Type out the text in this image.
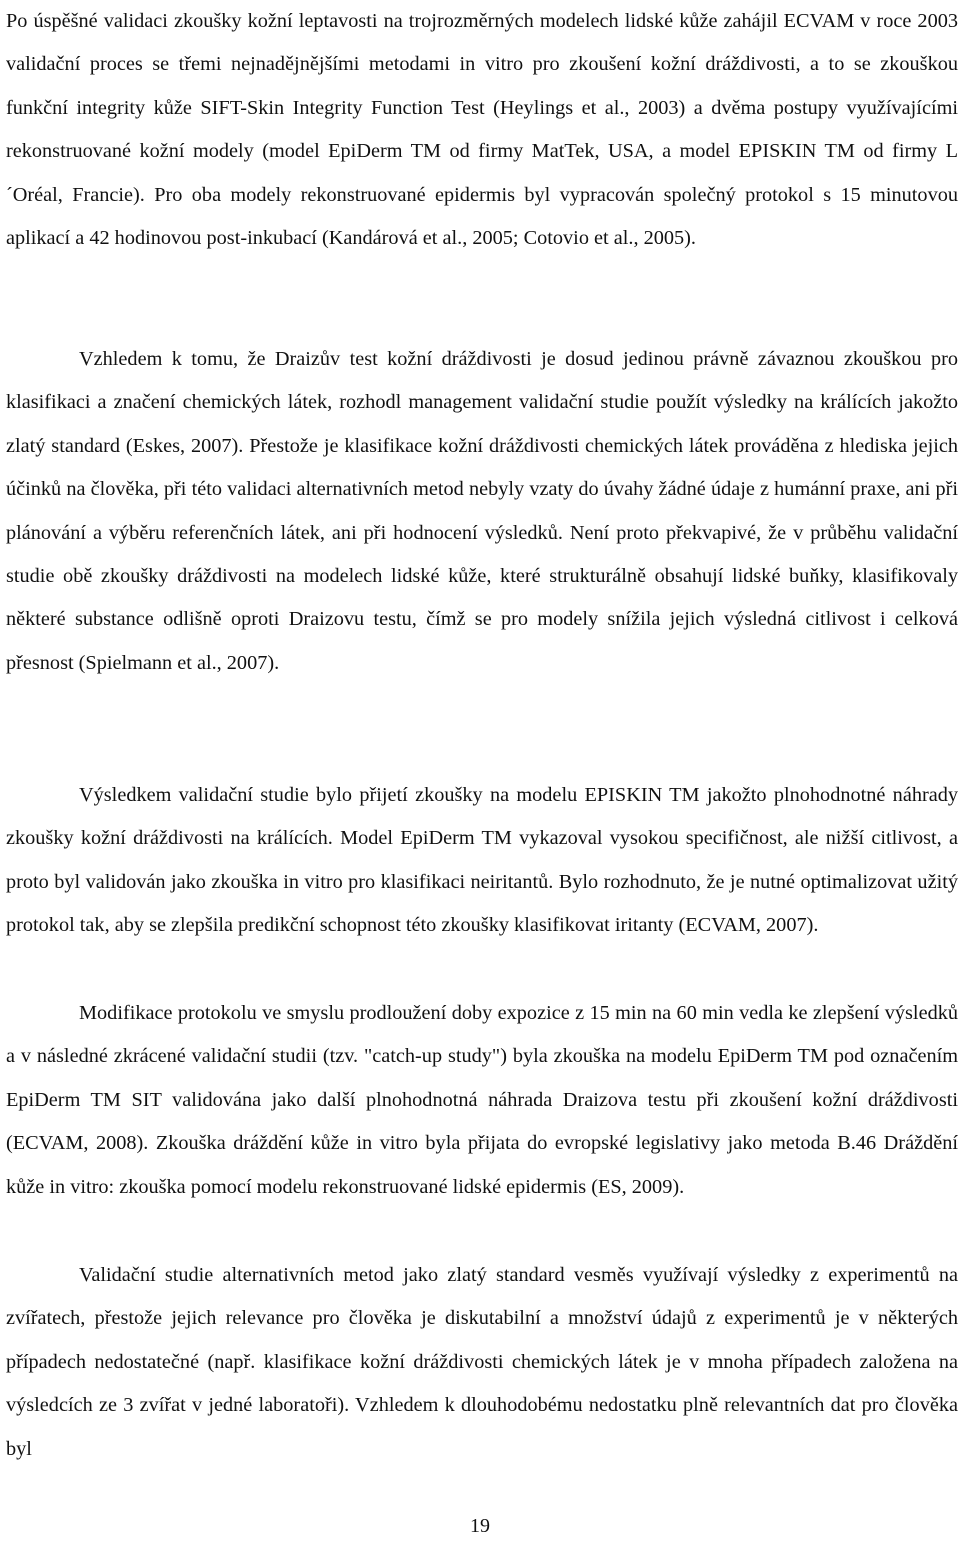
Po úspěšné validaci zkoušky kožní leptavosti na trojrozměrných modelech lidské kůže zahájil ECVAM v roce 2003 validační proces se třemi nejnadějnějšími metodami in vitro pro zkoušení kožní dráždivosti, a to se zkouškou funkční integrity kůže SIFT-Skin Integrity Function Test (Heylings et al., 2003) a dvěma postupy využívajícími rekonstruované kožní modely (model EpiDerm TM od firmy MatTek, USA, a model EPISKIN TM od firmy L´Oréal, Francie). Pro oba modely rekonstruované epidermis byl vypracován společný protokol s 15 minutovou aplikací a 42 hodinovou post-inkubací (Kandárová et al., 2005; Cotovio et al., 2005).

Vzhledem k tomu, že Draizův test kožní dráždivosti je dosud jedinou právně závaznou zkouškou pro klasifikaci a značení chemických látek, rozhodl management validační studie použít výsledky na králících jakožto zlatý standard (Eskes, 2007). Přestože je klasifikace kožní dráždivosti chemických látek prováděna z hlediska jejich účinků na člověka, při této validaci alternativních metod nebyly vzaty do úvahy žádné údaje z humánní praxe, ani při plánování a výběru referenčních látek, ani při hodnocení výsledků. Není proto překvapivé, že v průběhu validační studie obě zkoušky dráždivosti na modelech lidské kůže, které strukturálně obsahují lidské buňky, klasifikovaly některé substance odlišně oproti Draizovu testu, čímž se pro modely snížila jejich výsledná citlivost i celková přesnost (Spielmann et al., 2007).

Výsledkem validační studie bylo přijetí zkoušky na modelu EPISKIN TM jakožto plnohodnotné náhrady zkoušky kožní dráždivosti na králících. Model EpiDerm TM vykazoval vysokou specifičnost, ale nižší citlivost, a proto byl validován jako zkouška in vitro pro klasifikaci neiritantů. Bylo rozhodnuto, že je nutné optimalizovat užitý protokol tak, aby se zlepšila predikční schopnost této zkoušky klasifikovat iritanty (ECVAM, 2007).

Modifikace protokolu ve smyslu prodloužení doby expozice z 15 min na 60 min vedla ke zlepšení výsledků a v následné zkrácené validační studii (tzv. "catch-up study") byla zkouška na modelu EpiDerm TM pod označením EpiDerm TM SIT validována jako další plnohodnotná náhrada Draizova testu při zkoušení kožní dráždivosti (ECVAM, 2008). Zkouška dráždění kůže in vitro byla přijata do evropské legislativy jako metoda B.46 Dráždění kůže in vitro: zkouška pomocí modelu rekonstruované lidské epidermis (ES, 2009).

Validační studie alternativních metod jako zlatý standard vesměs využívají výsledky z experimentů na zvířatech, přestože jejich relevance pro člověka je diskutabilní a množství údajů z experimentů je v některých případech nedostatečné (např. klasifikace kožní dráždivosti chemických látek je v mnoha případech založena na výsledcích ze 3 zvířat v jedné laboratoři). Vzhledem k dlouhodobému nedostatku plně relevantních dat pro člověka byl

19
